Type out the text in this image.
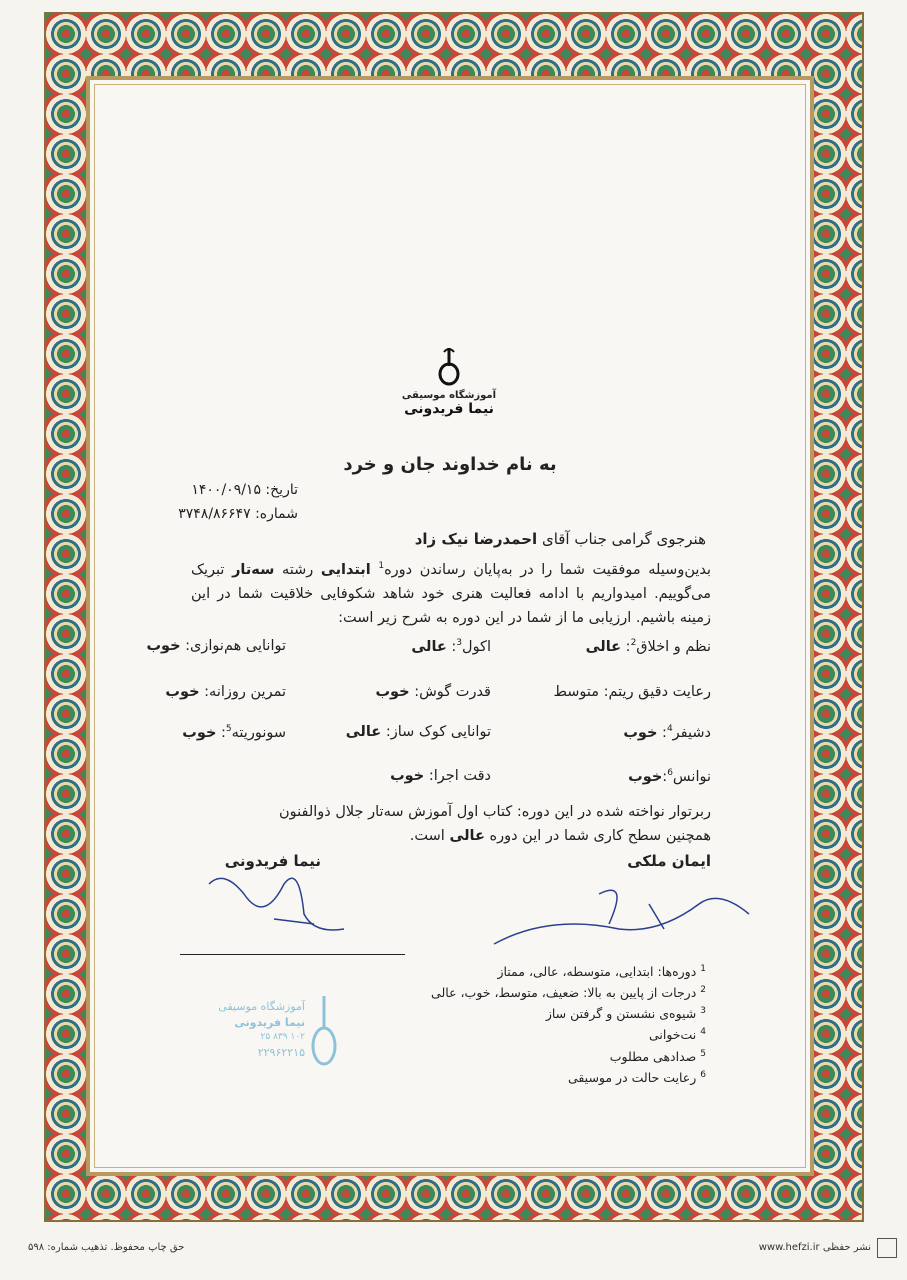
آموزشگاه موسیقی
نیما فریدونی
به نام خداوند جان و خرد
تاریخ: ۱۴۰۰/۰۹/۱۵
شماره: ۳۷۴۸/۸۶۶۴۷
هنرجوی گرامی جناب آقای احمدرضا نیک زاد
بدین‌وسیله موفقیت شما را در به‌پایان رساندن دوره$^1$ ابتدایی رشته سه‌تار تبریک می‌گوییم. امیدواریم با ادامه فعالیت هنری خود شاهد شکوفایی خلاقیت شما در این زمینه باشیم. ارزیابی ما از شما در این دوره به شرح زیر است:
نظم و اخلاق$^2$: عالی
اکول$^3$: عالی
توانایی هم‌نوازی: خوب
رعایت دقیق ریتم: متوسط
قدرت گوش: خوب
تمرین روزانه: خوب
دشیفر$^4$: خوب
توانایی کوک ساز: عالی
سونوریته$^5$: خوب
نوانس$^6$:خوب
دقت اجرا: خوب
ربرتوار نواخته شده در این دوره: کتاب اول آموزش سه‌تار جلال ذوالفنون
همچنین سطح کاری شما در این دوره عالی است.
ایمان ملکی
نیما فریدونی
$^1$ دوره‌ها: ابتدایی، متوسطه، عالی، ممتاز
$^2$ درجات از پایین به بالا: ضعیف، متوسط، خوب، عالی
$^3$ شیوه‌ی نشستن و گرفتن ساز
$^4$ نت‌خوانی
$^5$ صدادهی مطلوب
$^6$ رعایت حالت در موسیقی
آموزشگاه موسیقی
نیما فریدونی
۱۰۲ ۸۳۹ ۲۵
۲۲۹۶۲۲۱۵
حق چاپ محفوظ. تذهیب شماره: ۵۹۸	www.hefzi.ir نشر حفظی
